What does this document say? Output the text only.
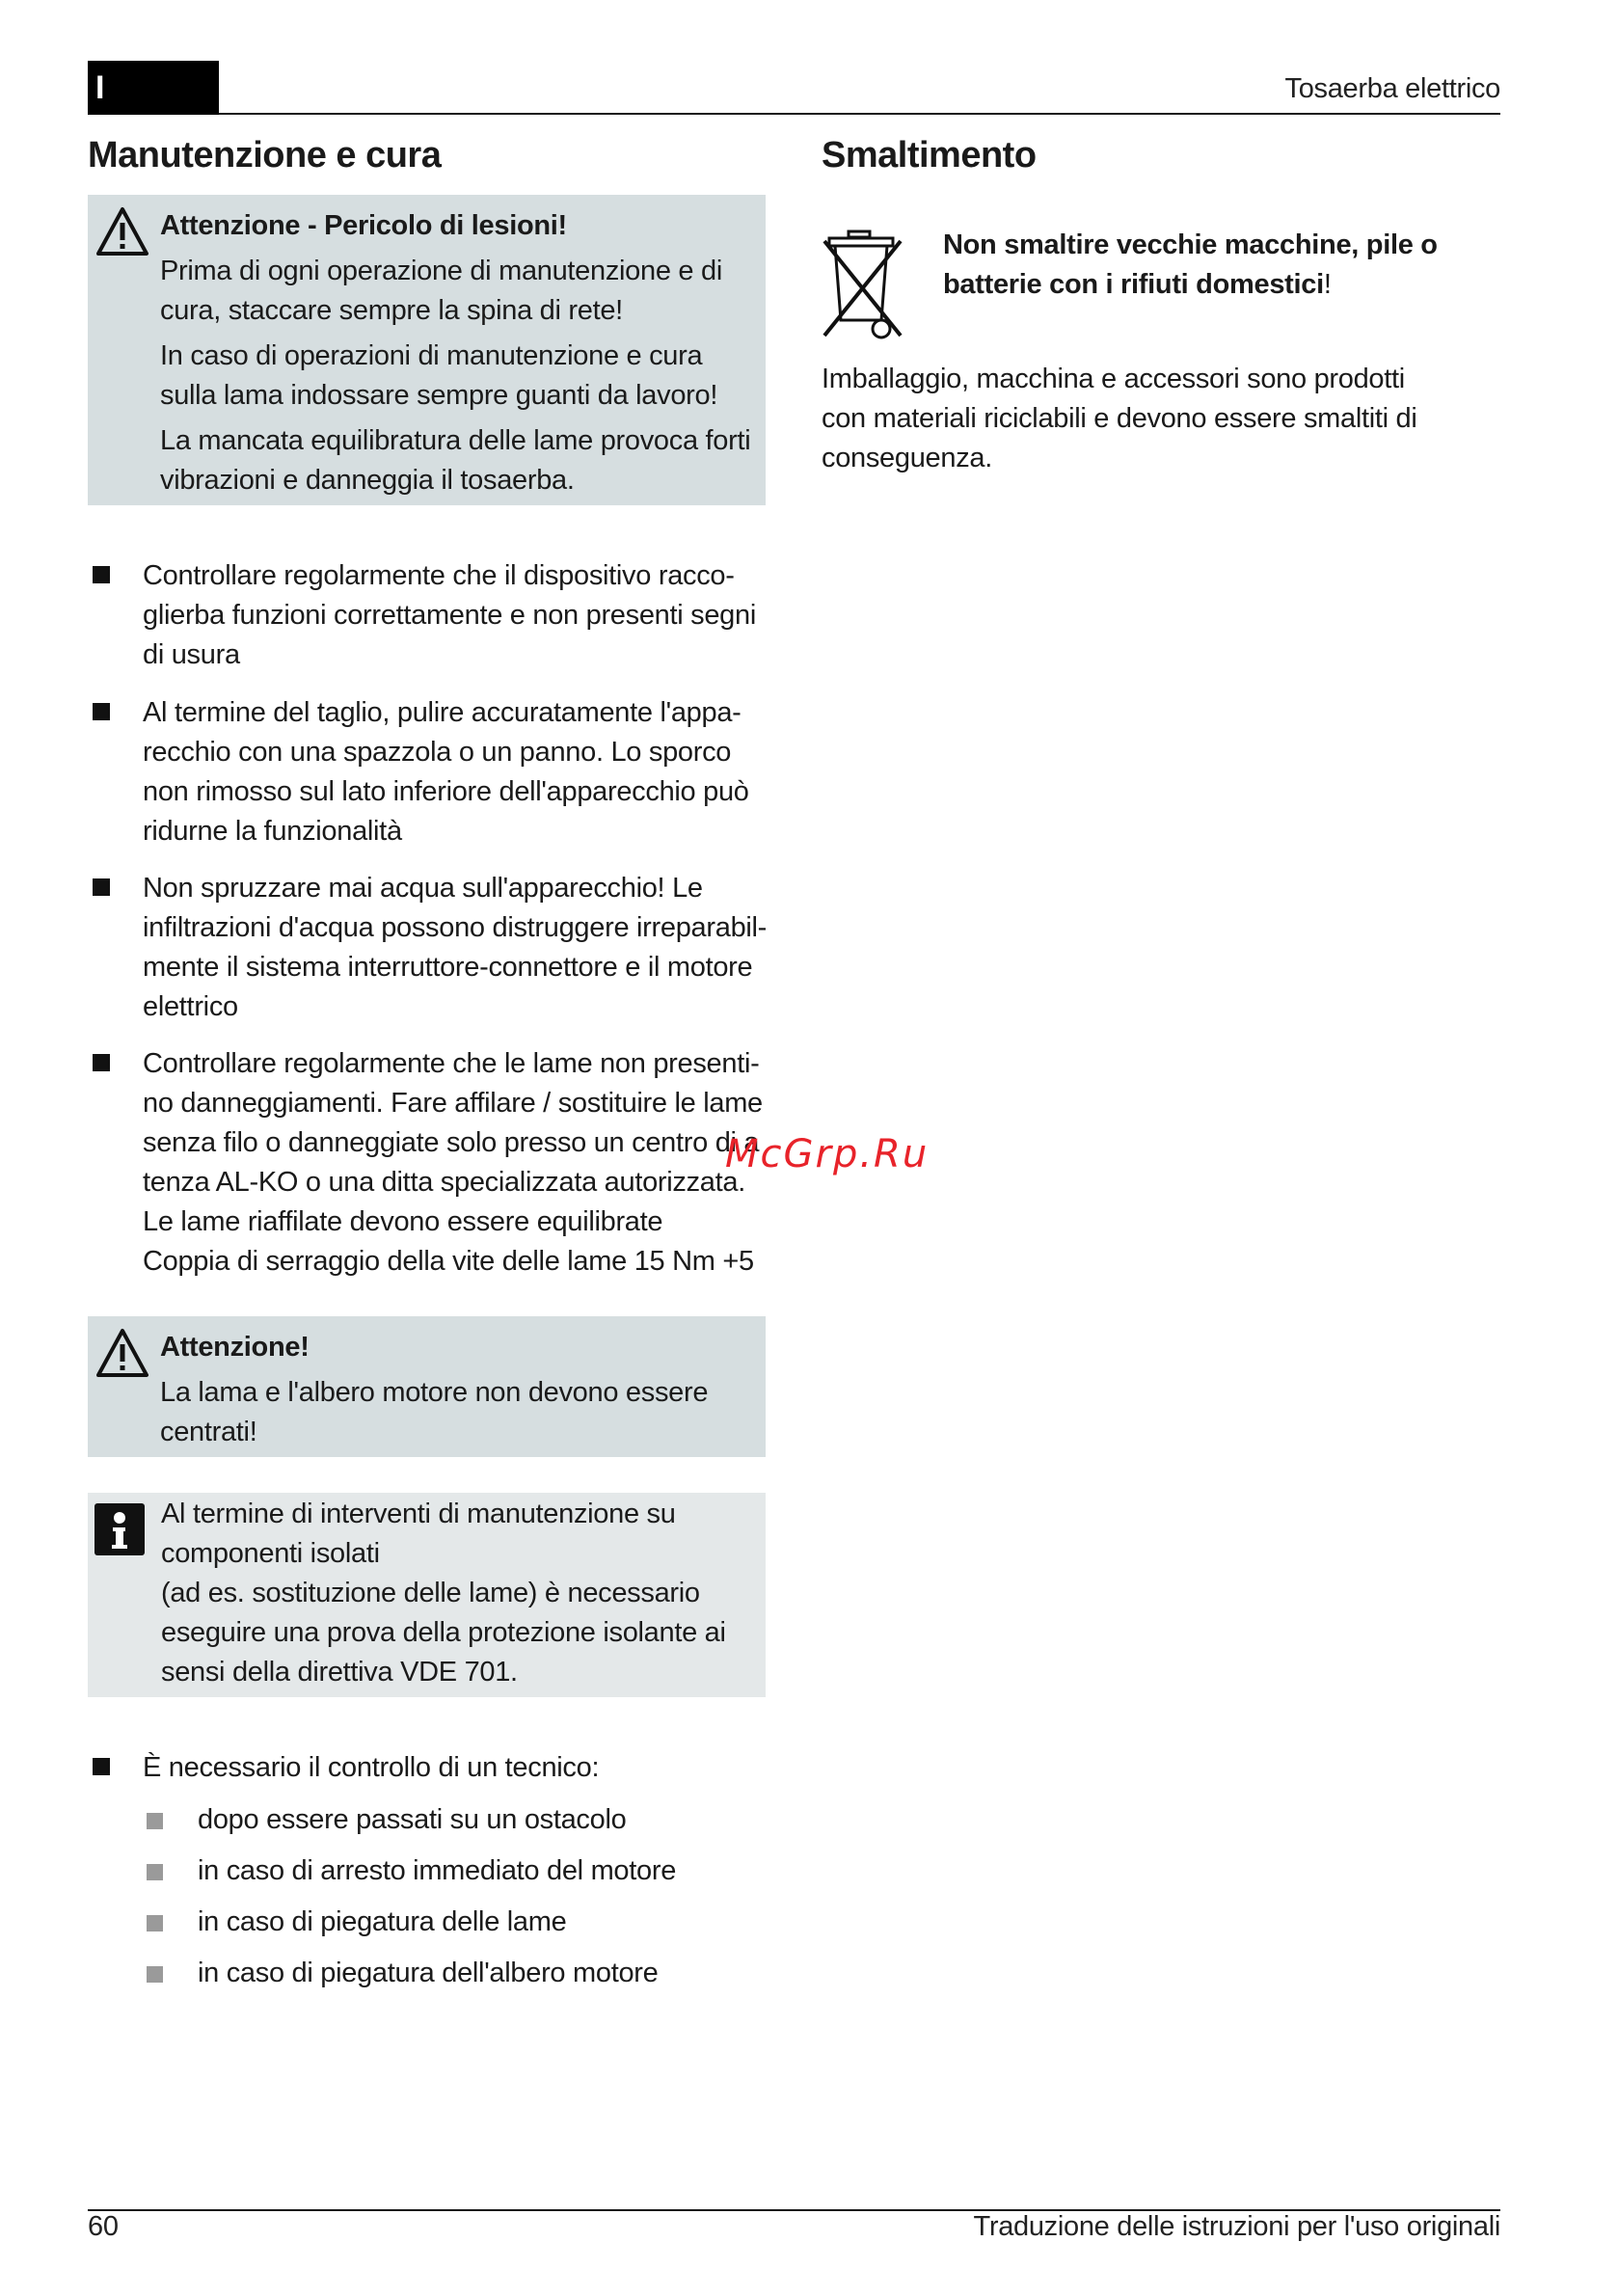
I	Tosaerba elettrico
Manutenzione e cura

Attenzione - Pericolo di lesioni!

Prima di ogni operazione di manutenzione e di cura, staccare sempre la spina di rete!

In caso di operazioni di manutenzione e cura sulla lama indossare sempre guanti da lavoro!

La mancata equilibratura delle lame provoca forti vibrazioni e danneggia il tosaerba.

Controllare regolarmente che il dispositivo racco-glierba funzioni correttamente e non presenti segni di usura
Al termine del taglio, pulire accuratamente l'appa-recchio con una spazzola o un panno. Lo sporco non rimosso sul lato inferiore dell'apparecchio può ridurne la funzionalità
Non spruzzare mai acqua sull'apparecchio! Le infiltrazioni d'acqua possono distruggere irreparabil-mente il sistema interruttore-connettore e il motore elettrico
Controllare regolarmente che le lame non presenti-
no danneggiamenti. Fare affilare / sostituire le lame
senza filo o danneggiate solo presso un centro di a
tenza AL-KO o una ditta specializzata autorizzata.
Le lame riaffilate devono essere equilibrate
Coppia di serraggio della vite delle lame 15 Nm +5

Attenzione!

La lama e l'albero motore non devono essere centrati!

Al termine di interventi di manutenzione su componenti isolati
(ad es. sostituzione delle lame) è necessario eseguire una prova della protezione isolante ai sensi della direttiva VDE 701.
È necessario il controllo di un tecnico:
dopo essere passati su un ostacolo
in caso di arresto immediato del motore
in caso di piegatura delle lame
in caso di piegatura dell'albero motore
Smaltimento
Non smaltire vecchie macchine, pile o batterie con i rifiuti domestici!
Imballaggio, macchina e accessori sono prodotti con materiali riciclabili e devono essere smaltiti di conseguenza.
McGrp.Ru
60	Traduzione delle istruzioni per l'uso originali
